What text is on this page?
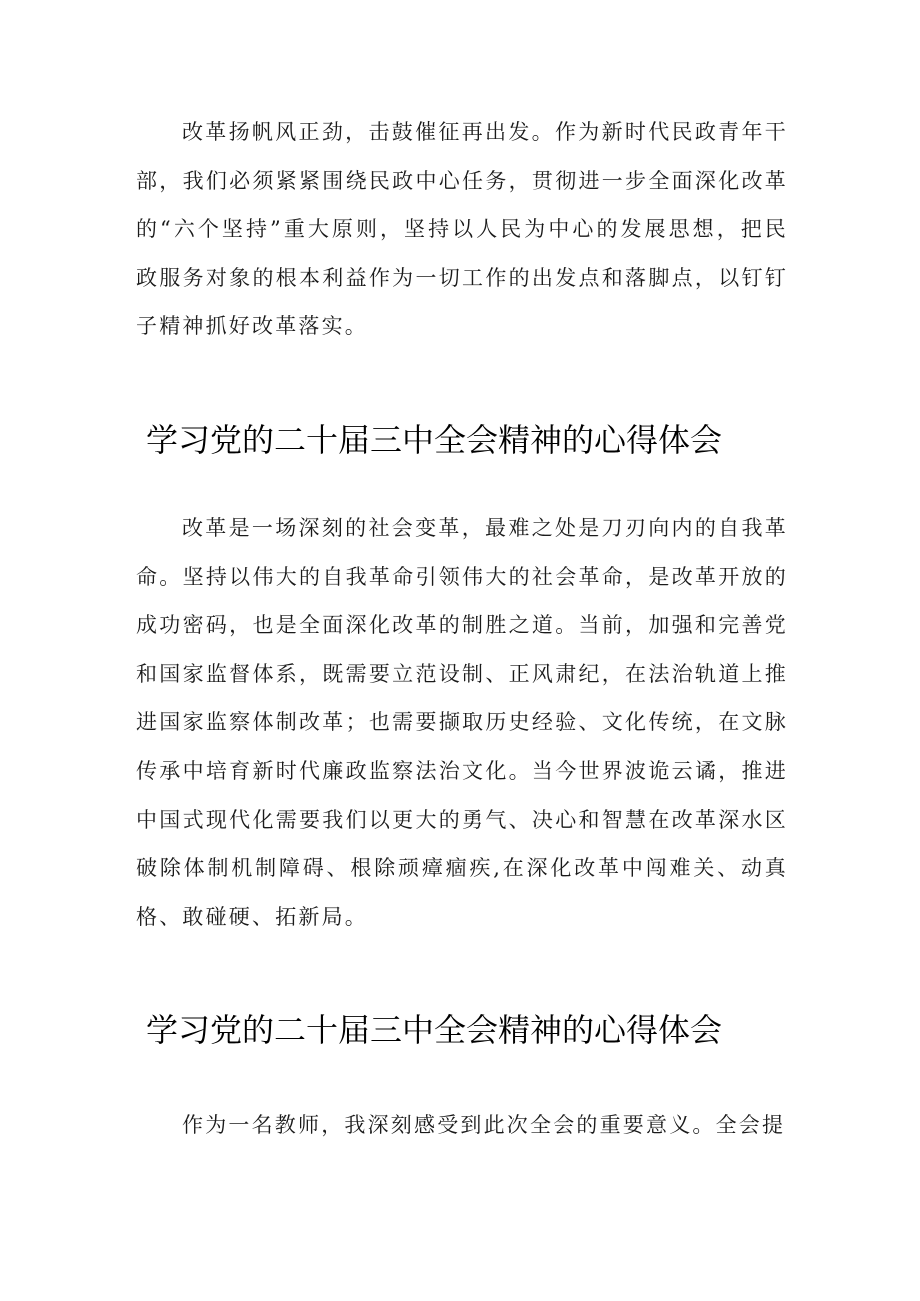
改革扬帆风正劲，击鼓催征再出发。作为新时代民政青年干部，我们必须紧紧围绕民政中心任务，贯彻进一步全面深化改革的“六个坚持”重大原则，坚持以人民为中心的发展思想，把民政服务对象的根本利益作为一切工作的出发点和落脚点，以钉钉子精神抓好改革落实。

学习党的二十届三中全会精神的心得体会

改革是一场深刻的社会变革，最难之处是刀刃向内的自我革命。坚持以伟大的自我革命引领伟大的社会革命，是改革开放的成功密码，也是全面深化改革的制胜之道。当前，加强和完善党和国家监督体系，既需要立范设制、正风肃纪，在法治轨道上推进国家监察体制改革；也需要撷取历史经验、文化传统，在文脉传承中培育新时代廉政监察法治文化。当今世界波诡云谲，推进中国式现代化需要我们以更大的勇气、决心和智慧在改革深水区破除体制机制障碍、根除顽瘴痼疾,在深化改革中闯难关、动真格、敢碰硬、拓新局。

学习党的二十届三中全会精神的心得体会

作为一名教师，我深刻感受到此次全会的重要意义。全会提
